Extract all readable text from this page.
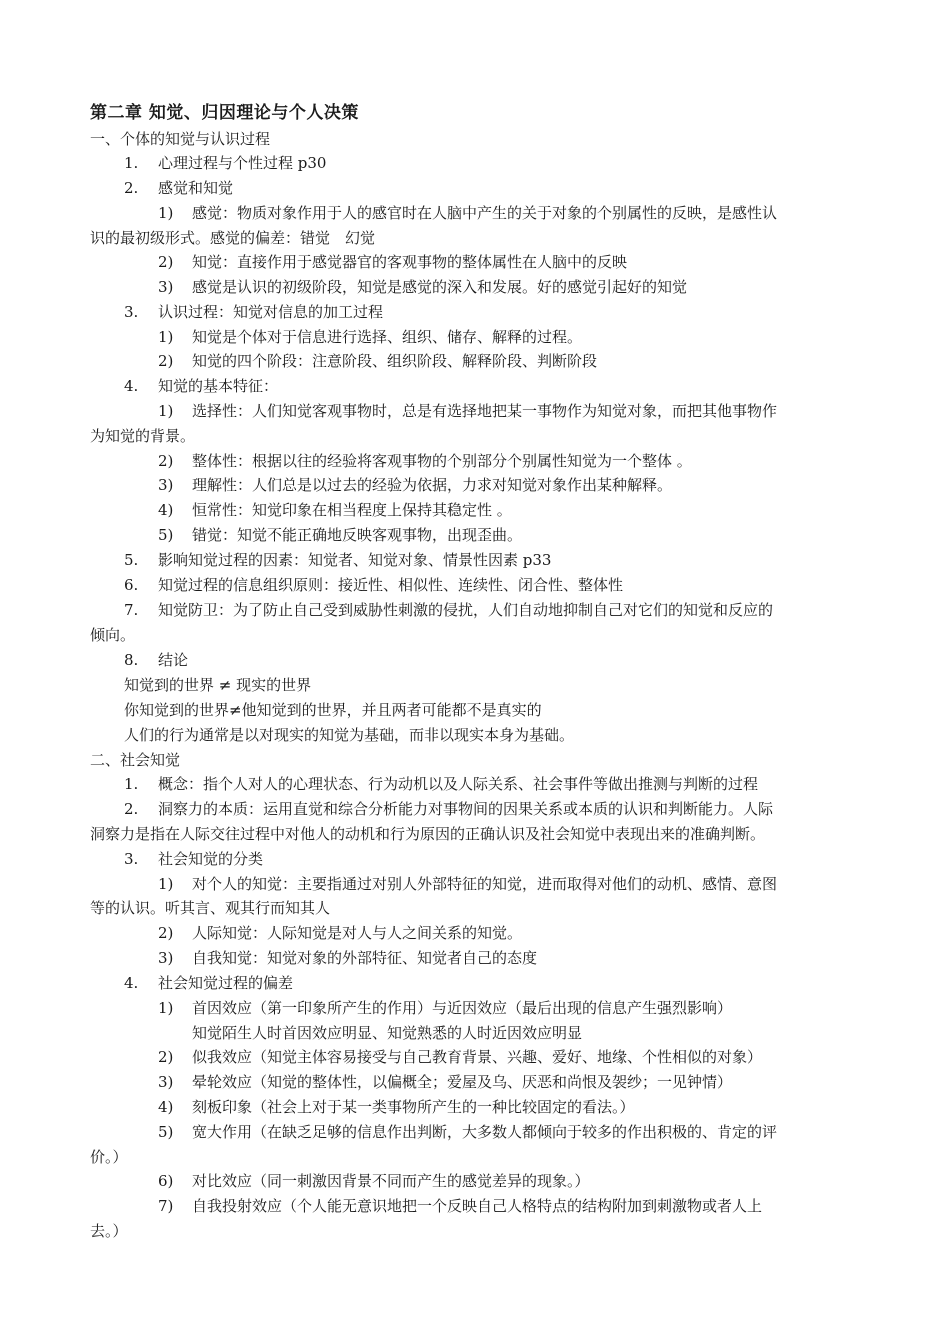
第二章 知觉、归因理论与个人决策
一、个体的知觉与认识过程
1.	心理过程与个性过程 p30
2.	感觉和知觉
1)	感觉：物质对象作用于人的感官时在人脑中产生的关于对象的个别属性的反映，是感性认
识的最初级形式。感觉的偏差：错觉　幻觉
2)	知觉：直接作用于感觉器官的客观事物的整体属性在人脑中的反映
3)	感觉是认识的初级阶段，知觉是感觉的深入和发展。好的感觉引起好的知觉
3.	认识过程：知觉对信息的加工过程
1)	知觉是个体对于信息进行选择、组织、储存、解释的过程。
2)	知觉的四个阶段：注意阶段、组织阶段、解释阶段、判断阶段
4.	知觉的基本特征：
1)	选择性：人们知觉客观事物时，总是有选择地把某一事物作为知觉对象，而把其他事物作
为知觉的背景。
2)	整体性：根据以往的经验将客观事物的个别部分个别属性知觉为一个整体 。
3)	理解性：人们总是以过去的经验为依据，力求对知觉对象作出某种解释。
4)	恒常性：知觉印象在相当程度上保持其稳定性 。
5)	错觉：知觉不能正确地反映客观事物，出现歪曲。
5.	影响知觉过程的因素：知觉者、知觉对象、情景性因素 p33
6.	知觉过程的信息组织原则：接近性、相似性、连续性、闭合性、整体性
7.	知觉防卫：为了防止自己受到威胁性刺激的侵扰，人们自动地抑制自己对它们的知觉和反应的
倾向。
8.	结论
知觉到的世界 ≠ 现实的世界
你知觉到的世界≠他知觉到的世界，并且两者可能都不是真实的
人们的行为通常是以对现实的知觉为基础，而非以现实本身为基础。
二、社会知觉
1.	概念：指个人对人的心理状态、行为动机以及人际关系、社会事件等做出推测与判断的过程
2.	洞察力的本质：运用直觉和综合分析能力对事物间的因果关系或本质的认识和判断能力。人际
洞察力是指在人际交往过程中对他人的动机和行为原因的正确认识及社会知觉中表现出来的准确判断。
3.	社会知觉的分类
1)	对个人的知觉：主要指通过对别人外部特征的知觉，进而取得对他们的动机、感情、意图
等的认识。听其言、观其行而知其人
2)	人际知觉：人际知觉是对人与人之间关系的知觉。
3)	自我知觉：知觉对象的外部特征、知觉者自己的态度
4.	社会知觉过程的偏差
1)	首因效应（第一印象所产生的作用）与近因效应（最后出现的信息产生强烈影响）
知觉陌生人时首因效应明显、知觉熟悉的人时近因效应明显
2)	似我效应（知觉主体容易接受与自己教育背景、兴趣、爱好、地缘、个性相似的对象）
3)	晕轮效应（知觉的整体性，以偏概全；爱屋及乌、厌恶和尚恨及袈纱；一见钟情）
4)	刻板印象（社会上对于某一类事物所产生的一种比较固定的看法。）
5)	宽大作用（在缺乏足够的信息作出判断，大多数人都倾向于较多的作出积极的、肯定的评
价。）
6)	对比效应（同一刺激因背景不同而产生的感觉差异的现象。）
7)	自我投射效应（个人能无意识地把一个反映自己人格特点的结构附加到刺激物或者人上
去。）
